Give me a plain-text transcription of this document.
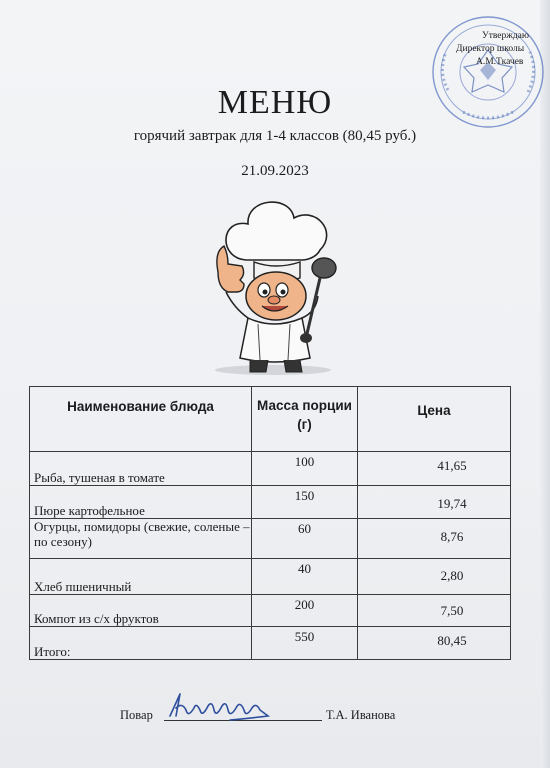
Утверждаю
Директор школы
А.М.Ткачев
МЕНЮ
горячий завтрак для 1-4 классов (80,45 руб.)
21.09.2023
Наименование блюда	Масса порции (г)	Цена

Рыба, тушеная в томате	100	41,65

Пюре картофельное	150	19,74

Огурцы, помидоры (свежие, соленые – по сезону)	60	8,76

Хлеб пшеничный	40	2,80

Компот из с/х фруктов	200	7,50

Итого:	550	80,45
Повар	Т.А. Иванова
